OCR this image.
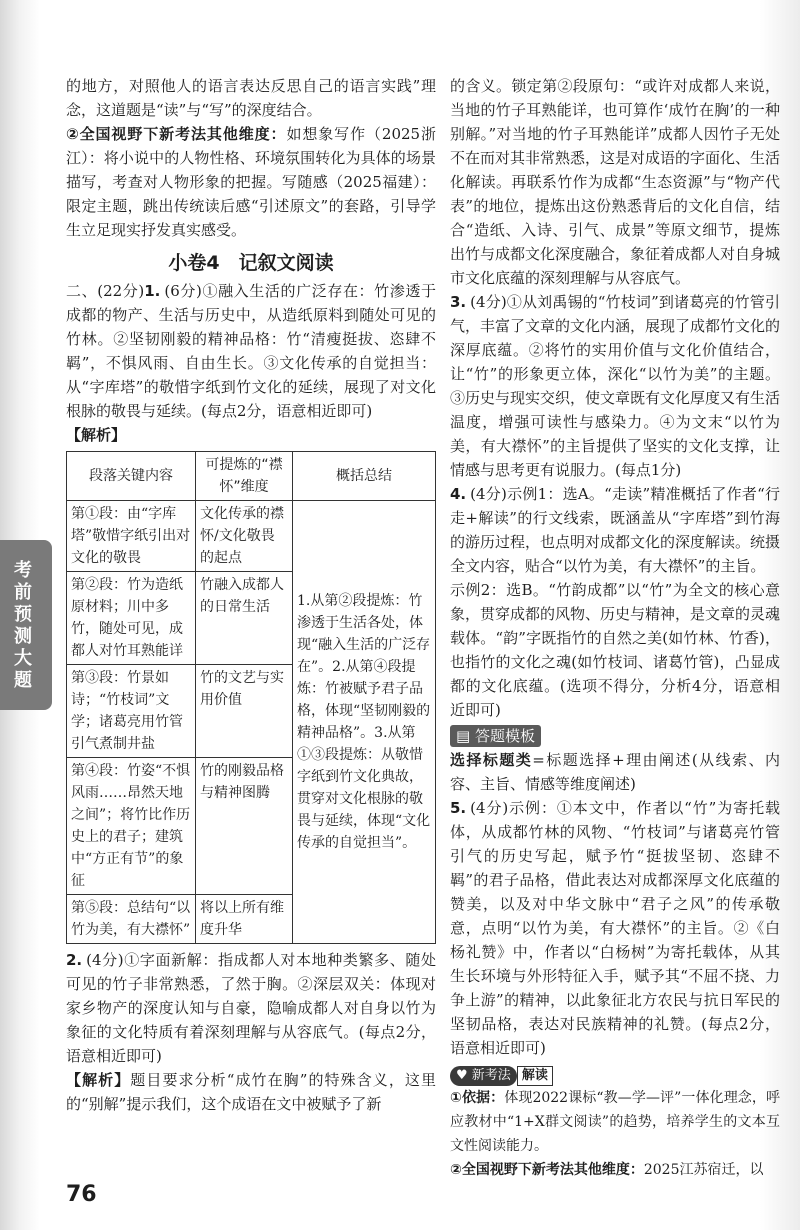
考前预测大题

的地方，对照他人的语言表达反思自己的语言实践”理念，这道题是“读”与“写”的深度结合。

②全国视野下新考法其他维度：如想象写作（2025浙江）：将小说中的人物性格、环境氛围转化为具体的场景描写，考查对人物形象的把握。写随感（2025福建）：限定主题，跳出传统读后感“引述原文”的套路，引导学生立足现实抒发真实感受。

小卷4　记叙文阅读

二、(22分)1. (6分)①融入生活的广泛存在：竹渗透于成都的物产、生活与历史中，从造纸原料到随处可见的竹林。②坚韧刚毅的精神品格：竹“清瘦挺拔、恣肆不羁”，不惧风雨、自由生长。③文化传承的自觉担当：从“字库塔”的敬惜字纸到竹文化的延续，展现了对文化根脉的敬畏与延续。(每点2分，语意相近即可)

【解析】

段落关键内容	可提炼的“襟怀”维度	概括总结
第①段：由“字库塔”敬惜字纸引出对文化的敬畏	文化传承的襟怀/文化敬畏的起点	1.从第②段提炼：竹渗透于生活各处，体现“融入生活的广泛存在”。2.从第④段提炼：竹被赋予君子品格，体现“坚韧刚毅的精神品格”。3.从第①③段提炼：从敬惜字纸到竹文化典故，贯穿对文化根脉的敬畏与延续，体现“文化传承的自觉担当”。
第②段：竹为造纸原材料；川中多竹，随处可见，成都人对竹耳熟能详	竹融入成都人的日常生活	
第③段：竹景如诗；“竹枝词”文学；诸葛亮用竹管引气煮制井盐	竹的文艺与实用价值	
第④段：竹姿“不惧风雨……昂然天地之间”；将竹比作历史上的君子；建筑中“方正有节”的象征	竹的刚毅品格与精神图腾	
第⑤段：总结句“以竹为美，有大襟怀”	将以上所有维度升华	

2. (4分)①字面新解：指成都人对本地种类繁多、随处可见的竹子非常熟悉，了然于胸。②深层双关：体现对家乡物产的深度认知与自豪，隐喻成都人对自身以竹为象征的文化特质有着深刻理解与从容底气。(每点2分，语意相近即可)

【解析】题目要求分析“成竹在胸”的特殊含义，这里的“别解”提示我们，这个成语在文中被赋予了新

的含义。锁定第②段原句：“或许对成都人来说，当地的竹子耳熟能详，也可算作‘成竹在胸’的一种别解。”对当地的竹子耳熟能详”成都人因竹子无处不在而对其非常熟悉，这是对成语的字面化、生活化解读。再联系竹作为成都“生态资源”与“物产代表”的地位，提炼出这份熟悉背后的文化自信，结合“造纸、入诗、引气、成景”等原文细节，提炼出竹与成都文化深度融合，象征着成都人对自身城市文化底蕴的深刻理解与从容底气。

3. (4分)①从刘禹锡的“竹枝词”到诸葛亮的竹管引气，丰富了文章的文化内涵，展现了成都竹文化的深厚底蕴。②将竹的实用价值与文化价值结合，让“竹”的形象更立体，深化“以竹为美”的主题。③历史与现实交织，使文章既有文化厚度又有生活温度，增强可读性与感染力。④为文末“以竹为美，有大襟怀”的主旨提供了坚实的文化支撑，让情感与思考更有说服力。(每点1分)

4. (4分)示例1：选A。“走读”精准概括了作者“行走+解读”的行文线索，既涵盖从“字库塔”到竹海的游历过程，也点明对成都文化的深度解读。统摄全文内容，贴合“以竹为美，有大襟怀”的主旨。

示例2：选B。“竹韵成都”以“竹”为全文的核心意象，贯穿成都的风物、历史与精神，是文章的灵魂载体。“韵”字既指竹的自然之美(如竹林、竹香)，也指竹的文化之魂(如竹枝词、诸葛竹管)，凸显成都的文化底蕴。(选项不得分，分析4分，语意相近即可)

▤ 答题模板

选择标题类=标题选择+理由阐述(从线索、内容、主旨、情感等维度阐述)

5. (4分)示例：①本文中，作者以“竹”为寄托载体，从成都竹林的风物、“竹枝词”与诸葛亮竹管引气的历史写起，赋予竹“挺拔坚韧、恣肆不羁”的君子品格，借此表达对成都深厚文化底蕴的赞美，以及对中华文脉中“君子之风”的传承敬意，点明“以竹为美，有大襟怀”的主旨。②《白杨礼赞》中，作者以“白杨树”为寄托载体，从其生长环境与外形特征入手，赋予其“不屈不挠、力争上游”的精神，以此象征北方农民与抗日军民的坚韧品格，表达对民族精神的礼赞。(每点2分，语意相近即可)

♥ 新考法 解读

①依据：体现2022课标“教—学—评”一体化理念，呼应教材中“1+X群文阅读”的趋势，培养学生的文本互文性阅读能力。

②全国视野下新考法其他维度：2025江苏宿迁，以

76
